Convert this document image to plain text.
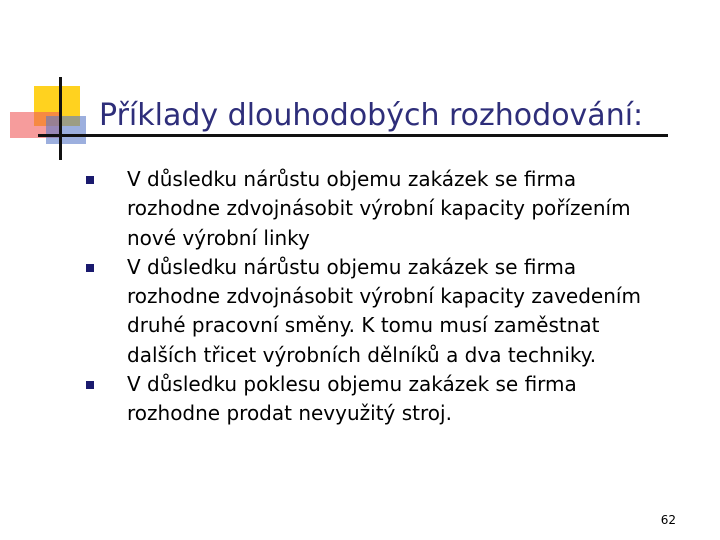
Příklady dlouhodobých rozhodování:
V důsledku nárůstu objemu zakázek se firma
rozhodne zdvojnásobit výrobní kapacity pořízením
nové výrobní linky
V důsledku nárůstu objemu zakázek se firma
rozhodne zdvojnásobit výrobní kapacity zavedením
druhé pracovní směny. K tomu musí zaměstnat
dalších třicet výrobních dělníků a dva techniky.
V důsledku poklesu objemu zakázek se firma
rozhodne prodat nevyužitý stroj.
62
